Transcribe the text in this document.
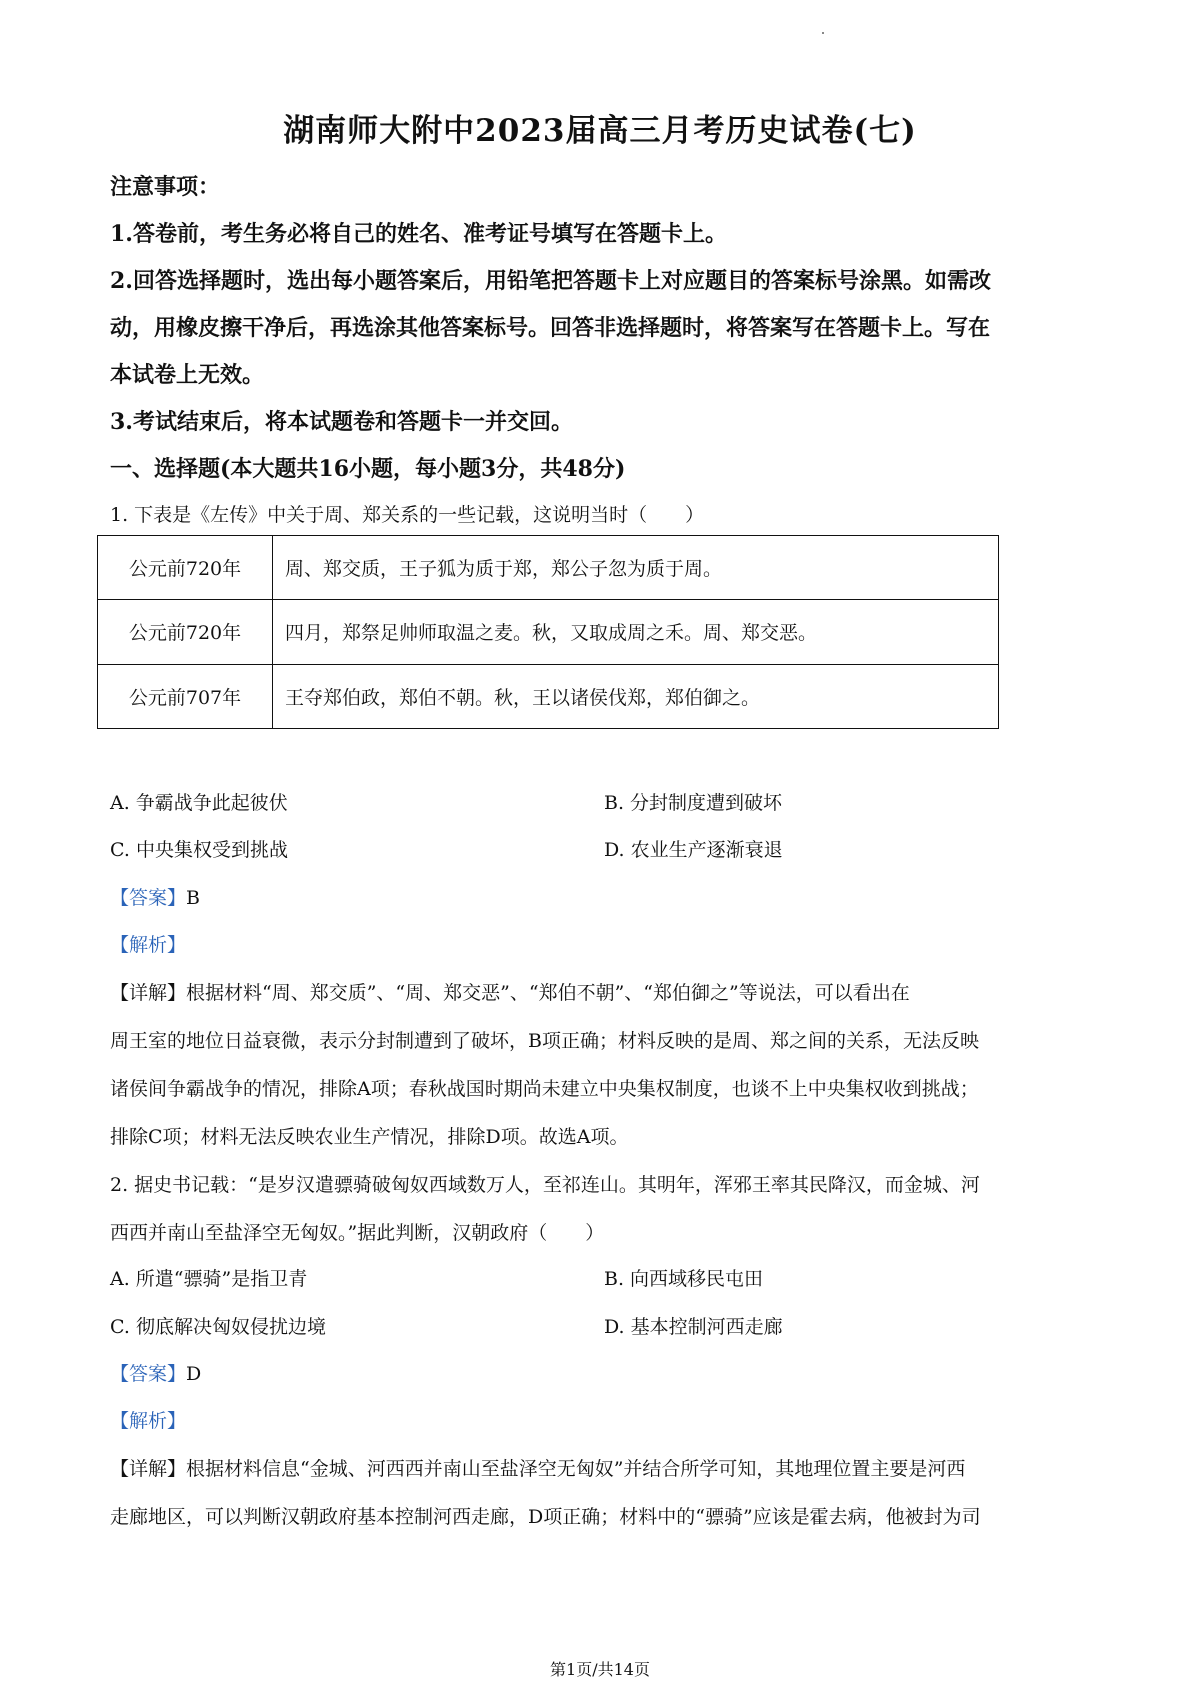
湖南师大附中2023届高三月考历史试卷(七)
注意事项：
1.答卷前，考生务必将自己的姓名、准考证号填写在答题卡上。
2.回答选择题时，选出每小题答案后，用铅笔把答题卡上对应题目的答案标号涂黑。如需改
动，用橡皮擦干净后，再选涂其他答案标号。回答非选择题时，将答案写在答题卡上。写在
本试卷上无效。
3.考试结束后，将本试题卷和答题卡一并交回。
一、选择题(本大题共16小题，每小题3分，共48分)
1. 下表是《左传》中关于周、郑关系的一些记载，这说明当时（　　）
公元前720年	周、郑交质，王子狐为质于郑，郑公子忽为质于周。
公元前720年	四月，郑祭足帅师取温之麦。秋，又取成周之禾。周、郑交恶。
公元前707年	王夺郑伯政，郑伯不朝。秋，王以诸侯伐郑，郑伯御之。
A. 争霸战争此起彼伏	B. 分封制度遭到破坏
C. 中央集权受到挑战	D. 农业生产逐渐衰退
【答案】B
【解析】
【详解】根据材料“周、郑交质”、“周、郑交恶”、“郑伯不朝”、“郑伯御之”等说法，可以看出在
周王室的地位日益衰微，表示分封制遭到了破坏，B项正确；材料反映的是周、郑之间的关系，无法反映
诸侯间争霸战争的情况，排除A项；春秋战国时期尚未建立中央集权制度，也谈不上中央集权收到挑战；
排除C项；材料无法反映农业生产情况，排除D项。故选A项。
2. 据史书记载：“是岁汉遣骠骑破匈奴西域数万人，至祁连山。其明年，浑邪王率其民降汉，而金城、河
西西并南山至盐泽空无匈奴。”据此判断，汉朝政府（　　）
A. 所遣“骠骑”是指卫青	B. 向西域移民屯田
C. 彻底解决匈奴侵扰边境	D. 基本控制河西走廊
【答案】D
【解析】
【详解】根据材料信息“金城、河西西并南山至盐泽空无匈奴”并结合所学可知，其地理位置主要是河西
走廊地区，可以判断汉朝政府基本控制河西走廊，D项正确；材料中的“骠骑”应该是霍去病，他被封为司
第1页/共14页
